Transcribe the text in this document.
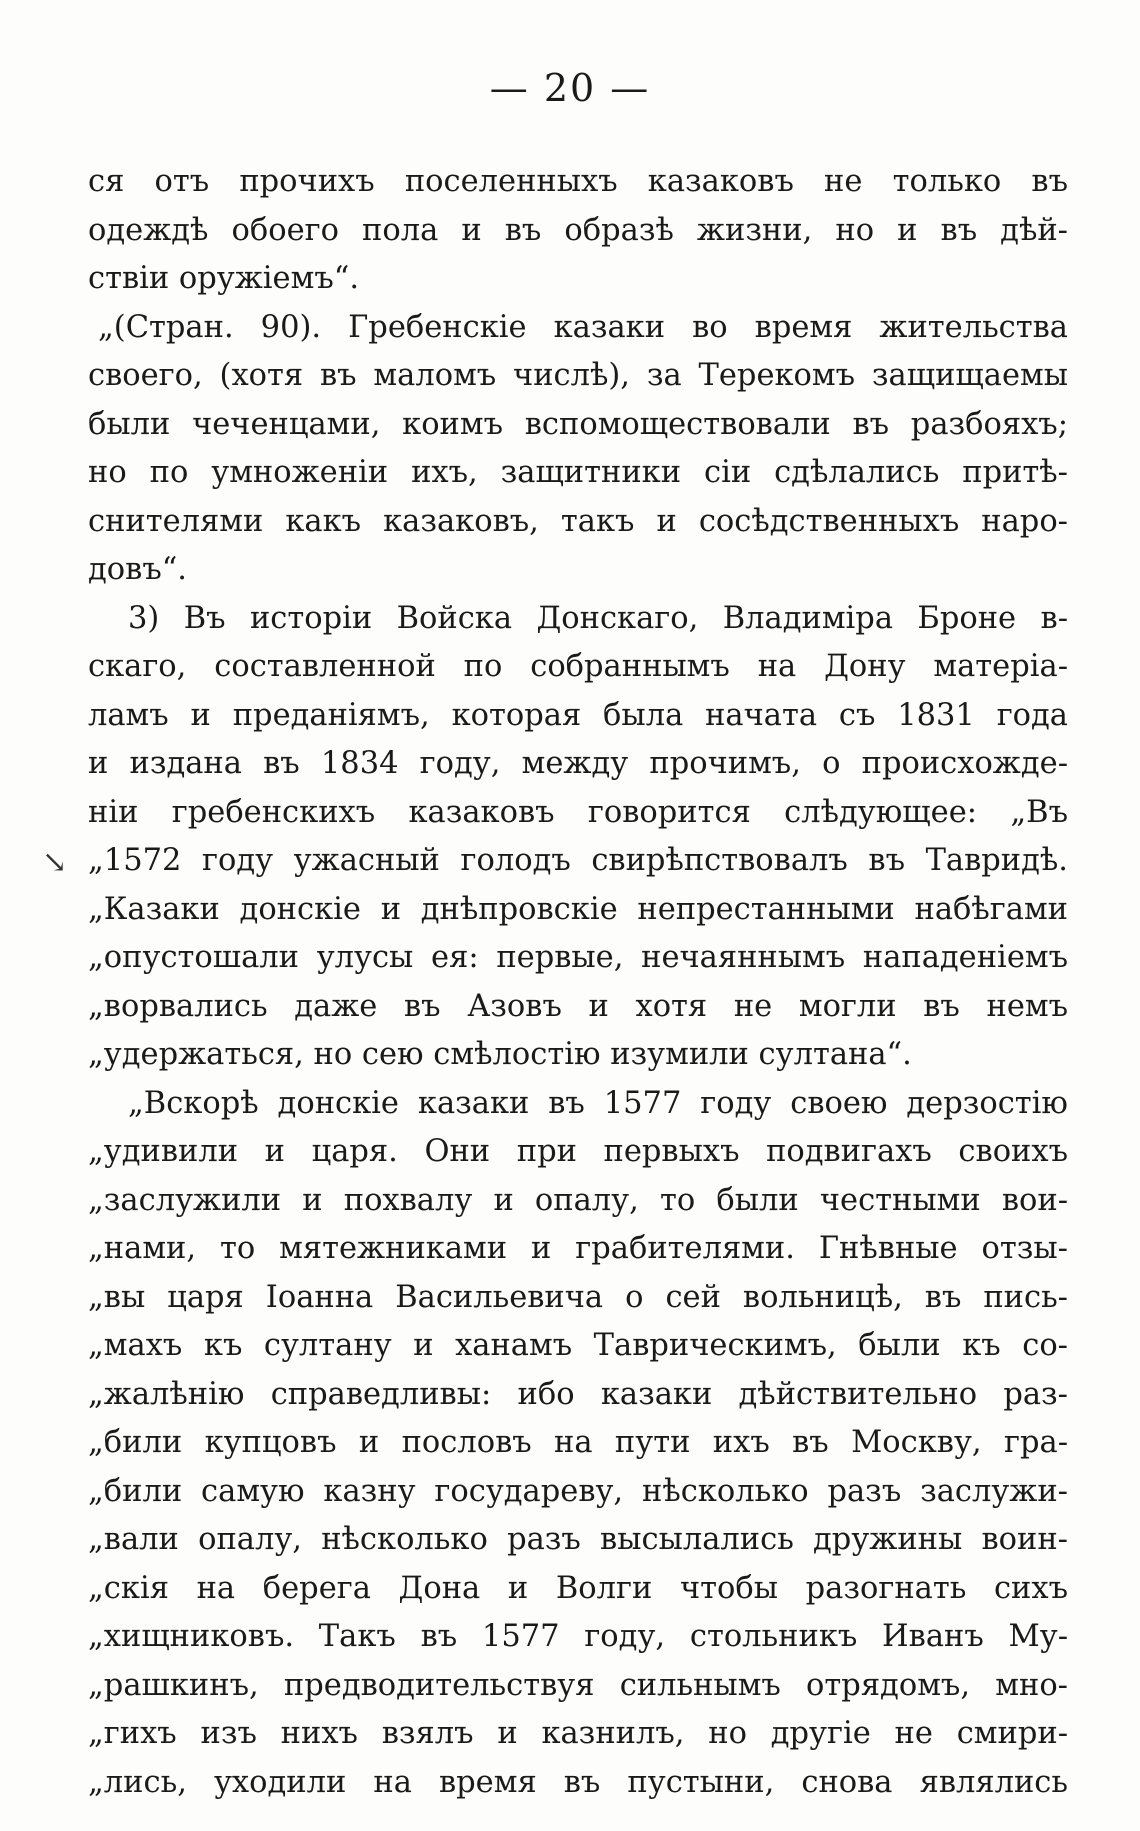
— 20 —
ся отъ прочихъ поселенныхъ казаковъ не только въ
одеждѣ обоего пола и въ образѣ жизни, но и въ дѣй-
ствіи оружіемъ“.
„(Стран. 90). Гребенскіе казаки во время жительства
своего, (хотя въ маломъ числѣ), за Терекомъ защищаемы
были чеченцами, коимъ вспомоществовали въ разбояхъ;
но по умноженіи ихъ, защитники сіи сдѣлались притѣ-
снителями какъ казаковъ, такъ и сосѣдственныхъ наро-
довъ“.
3) Въ исторіи Войска Донскаго, Владиміра Броне в-
скаго, составленной по собраннымъ на Дону матеріа-
ламъ и преданіямъ, которая была начата съ 1831 года
и издана въ 1834 году, между прочимъ, о происхожде-
ніи гребенскихъ казаковъ говорится слѣдующее: „Въ
„1572 году ужасный голодъ свирѣпствовалъ въ Тавридѣ.
„Казаки донскіе и днѣпровскіе непрестанными набѣгами
„опустошали улусы ея: первые, нечаяннымъ нападеніемъ
„ворвались даже въ Азовъ и хотя не могли въ немъ
„удержаться, но сею смѣлостію изумили султана“.
„Вскорѣ донскіе казаки въ 1577 году своею дерзостію
„удивили и царя. Они при первыхъ подвигахъ своихъ
„заслужили и похвалу и опалу, то были честными вои-
„нами, то мятежниками и грабителями. Гнѣвные отзы-
„вы царя Іоанна Васильевича о сей вольницѣ, въ пись-
„махъ къ султану и ханамъ Таврическимъ, были къ со-
„жалѣнію справедливы: ибо казаки дѣйствительно раз-
„били купцовъ и пословъ на пути ихъ въ Москву, гра-
„били самую казну государеву, нѣсколько разъ заслужи-
„вали опалу, нѣсколько разъ высылались дружины воин-
„скія на берега Дона и Волги чтобы разогнать сихъ
„хищниковъ. Такъ въ 1577 году, стольникъ Иванъ Му-
„рашкинъ, предводительствуя сильнымъ отрядомъ, мно-
„гихъ изъ нихъ взялъ и казнилъ, но другіе не смири-
„лись, уходили на время въ пустыни, снова являлись
↘
